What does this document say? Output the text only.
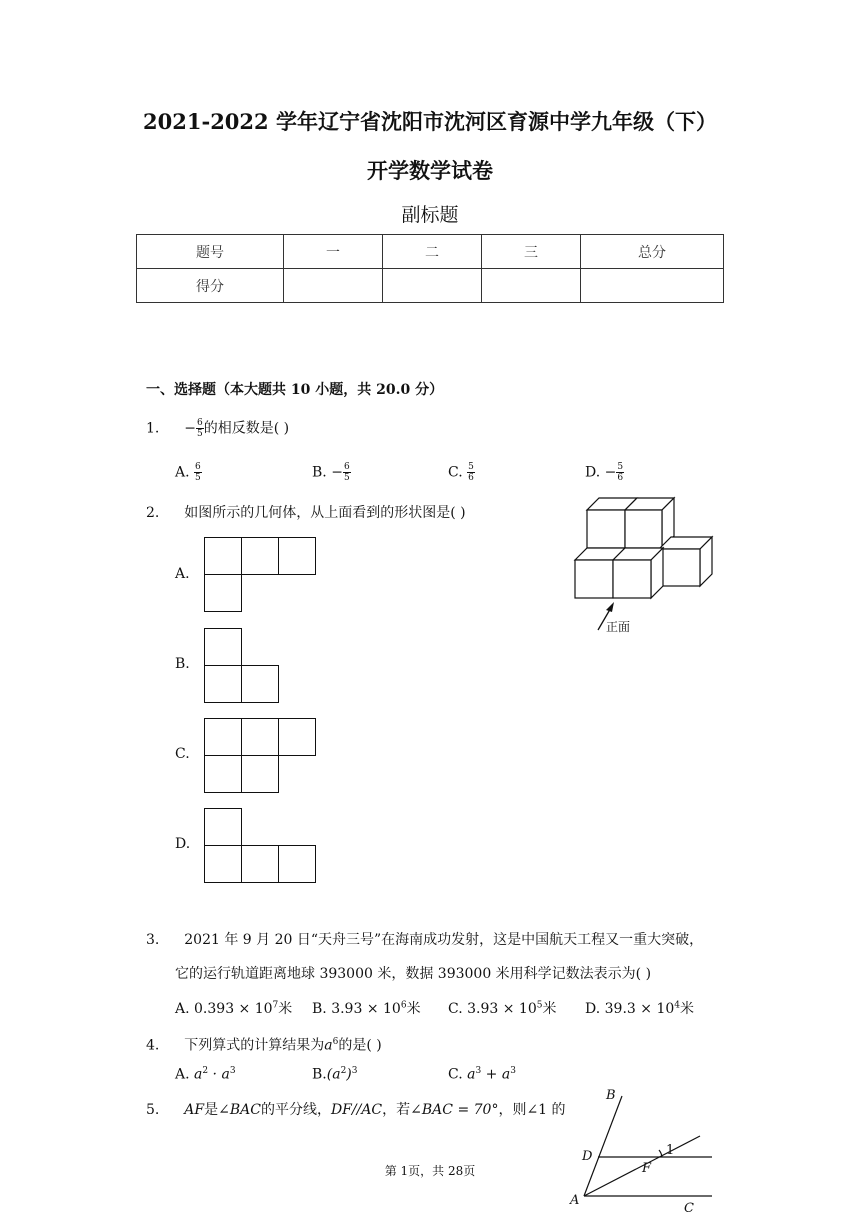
2021-2022 学年辽宁省沈阳市沈河区育源中学九年级（下）
开学数学试卷
副标题
题号	一	二	三	总分
得分				
一、选择题（本大题共 10 小题，共 20.0 分）
1. − $\frac{6}{5}$ 的相反数是( )
A. $\frac{6}{5}$	B. − $\frac{6}{5}$	C. $\frac{5}{6}$	D. − $\frac{5}{6}$
2. 如图所示的几何体，从上面看到的形状图是( )
正面
A.
B.
C.
D.
3. 2021 年 9 月 20 日“天舟三号”在海南成功发射，这是中国航天工程又一重大突破，
它的运行轨道距离地球 393000 米，数据 393000 米用科学记数法表示为( )
A. $0.393 \times 10^7$米 B. $3.93 \times 10^6$米 C. $3.93 \times 10^5$米 D. $39.3 \times 10^4$米
4. 下列算式的计算结果为$a^6$的是( )
A. $a^2 \cdot a^3$	$B.(a^2)^3$	C. $a^3 + a^3$
5. AF是∠BAC的平分线，DF//AC，若∠BAC = 70°，则∠1 的
B
D
F
1
A
C
第 1页，共 28页
